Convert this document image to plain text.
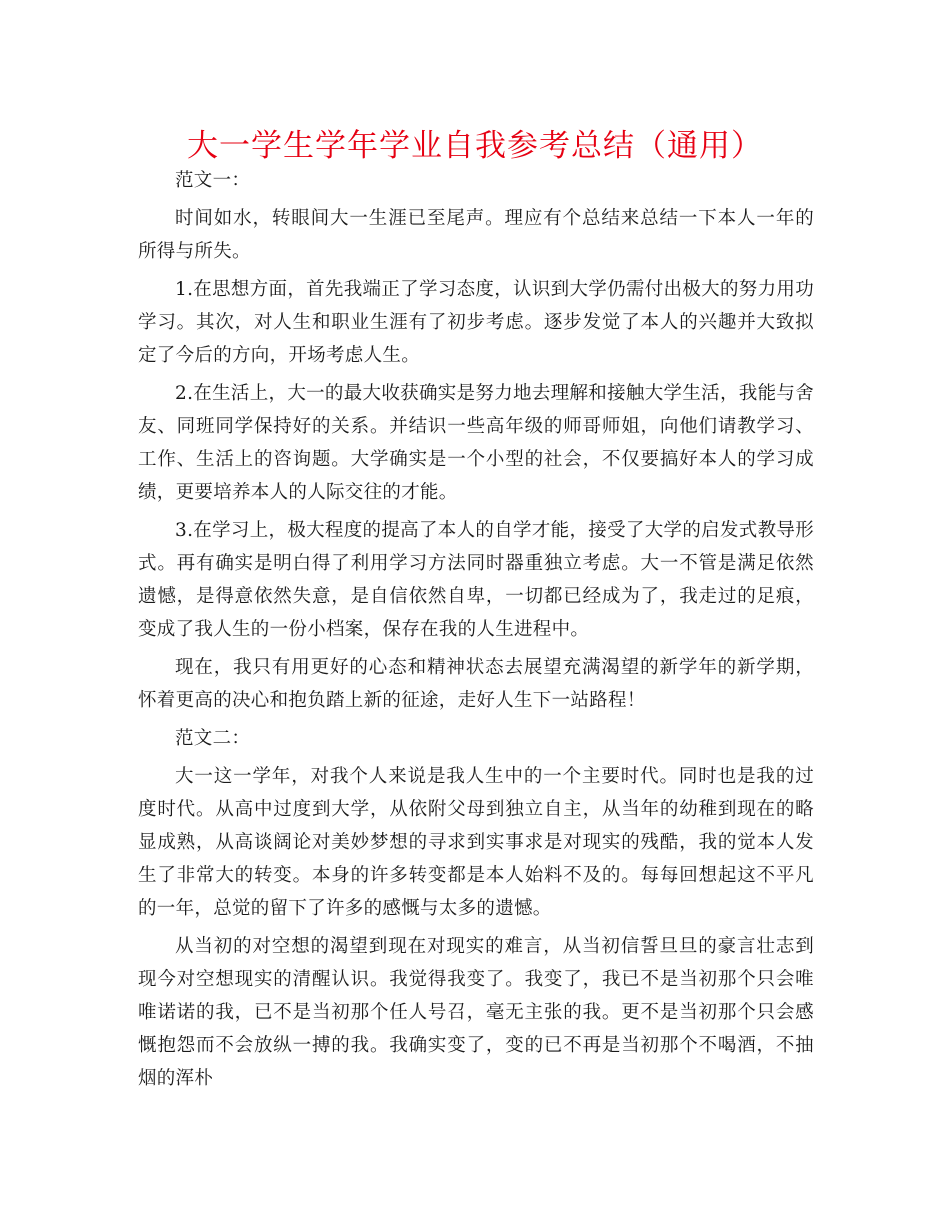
大一学生学年学业自我参考总结（通用）

范文一：

时间如水，转眼间大一生涯已至尾声。理应有个总结来总结一下本人一年的所得与所失。

1.在思想方面，首先我端正了学习态度，认识到大学仍需付出极大的努力用功学习。其次，对人生和职业生涯有了初步考虑。逐步发觉了本人的兴趣并大致拟定了今后的方向，开场考虑人生。

2.在生活上，大一的最大收获确实是努力地去理解和接触大学生活，我能与舍友、同班同学保持好的关系。并结识一些高年级的师哥师姐，向他们请教学习、工作、生活上的咨询题。大学确实是一个小型的社会，不仅要搞好本人的学习成绩，更要培养本人的人际交往的才能。

3.在学习上，极大程度的提高了本人的自学才能，接受了大学的启发式教导形式。再有确实是明白得了利用学习方法同时器重独立考虑。大一不管是满足依然遗憾，是得意依然失意，是自信依然自卑，一切都已经成为了，我走过的足痕，变成了我人生的一份小档案，保存在我的人生进程中。

现在，我只有用更好的心态和精神状态去展望充满渴望的新学年的新学期，怀着更高的决心和抱负踏上新的征途，走好人生下一站路程！

范文二：

大一这一学年，对我个人来说是我人生中的一个主要时代。同时也是我的过度时代。从高中过度到大学，从依附父母到独立自主，从当年的幼稚到现在的略显成熟，从高谈阔论对美妙梦想的寻求到实事求是对现实的残酷，我的觉本人发生了非常大的转变。本身的许多转变都是本人始料不及的。每每回想起这不平凡的一年，总觉的留下了许多的感慨与太多的遗憾。

从当初的对空想的渴望到现在对现实的难言，从当初信誓旦旦的豪言壮志到现今对空想现实的清醒认识。我觉得我变了。我变了，我已不是当初那个只会唯唯诺诺的我，已不是当初那个任人号召，毫无主张的我。更不是当初那个只会感慨抱怨而不会放纵一搏的我。我确实变了，变的已不再是当初那个不喝酒，不抽烟的浑朴
